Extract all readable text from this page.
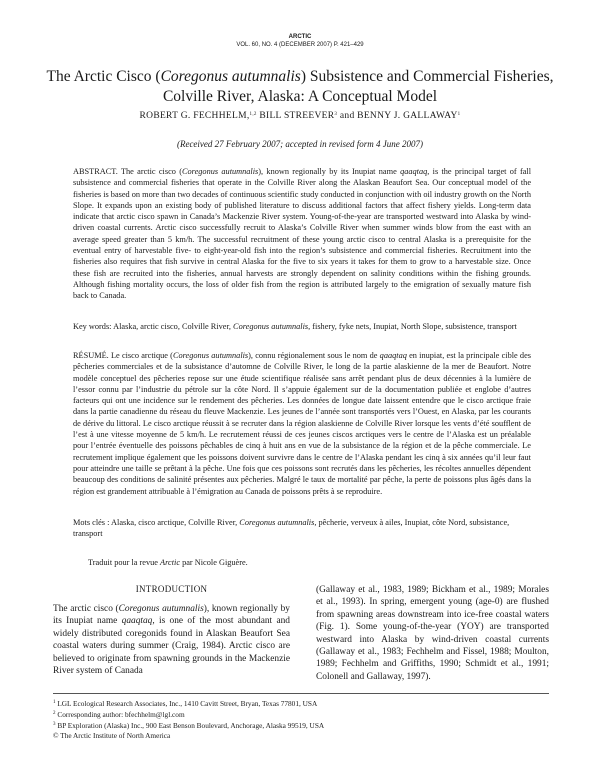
ARCTIC
VOL. 60, NO. 4 (DECEMBER 2007) P. 421–429
The Arctic Cisco (Coregonus autumnalis) Subsistence and Commercial Fisheries,
Colville River, Alaska: A Conceptual Model
ROBERT G. FECHHELM,$^{1,2}$ BILL STREEVER$^3$ and BENNY J. GALLAWAY$^1$
(Received 27 February 2007; accepted in revised form 4 June 2007)

ABSTRACT. The arctic cisco (Coregonus autumnalis), known regionally by its Inupiat name qaaqtaq, is the principal target of fall subsistence and commercial fisheries that operate in the Colville River along the Alaskan Beaufort Sea. Our conceptual model of the fisheries is based on more than two decades of continuous scientific study conducted in conjunction with oil industry growth on the North Slope. It expands upon an existing body of published literature to discuss additional factors that affect fishery yields. Long-term data indicate that arctic cisco spawn in Canada’s Mackenzie River system. Young-of-the-year are transported westward into Alaska by wind-driven coastal currents. Arctic cisco successfully recruit to Alaska’s Colville River when summer winds blow from the east with an average speed greater than 5 km/h. The successful recruitment of these young arctic cisco to central Alaska is a prerequisite for the eventual entry of harvestable five- to eight-year-old fish into the region’s subsistence and commercial fisheries. Recruitment into the fisheries also requires that fish survive in central Alaska for the five to six years it takes for them to grow to a harvestable size. Once these fish are recruited into the fisheries, annual harvests are strongly dependent on salinity conditions within the fishing grounds. Although fishing mortality occurs, the loss of older fish from the region is attributed largely to the emigration of sexually mature fish back to Canada.

Key words: Alaska, arctic cisco, Colville River, Coregonus autumnalis, fishery, fyke nets, Inupiat, North Slope, subsistence, transport

RÉSUMÉ. Le cisco arctique (Coregonus autumnalis), connu régionalement sous le nom de qaaqtaq en inupiat, est la principale cible des pêcheries commerciales et de la subsistance d’automne de Colville River, le long de la partie alaskienne de la mer de Beaufort. Notre modèle conceptuel des pêcheries repose sur une étude scientifique réalisée sans arrêt pendant plus de deux décennies à la lumière de l’essor connu par l’industrie du pétrole sur la côte Nord. Il s’appuie également sur de la documentation publiée et englobe d’autres facteurs qui ont une incidence sur le rendement des pêcheries. Les données de longue date laissent entendre que le cisco arctique fraie dans la partie canadienne du réseau du fleuve Mackenzie. Les jeunes de l’année sont transportés vers l’Ouest, en Alaska, par les courants de dérive du littoral. Le cisco arctique réussit à se recruter dans la région alaskienne de Colville River lorsque les vents d’été soufflent de l’est à une vitesse moyenne de 5 km/h. Le recrutement réussi de ces jeunes ciscos arctiques vers le centre de l’Alaska est un préalable pour l’entrée éventuelle des poissons pêchables de cinq à huit ans en vue de la subsistance de la région et de la pêche commerciale. Le recrutement implique également que les poissons doivent survivre dans le centre de l’Alaska pendant les cinq à six années qu’il leur faut pour atteindre une taille se prêtant à la pêche. Une fois que ces poissons sont recrutés dans les pêcheries, les récoltes annuelles dépendent beaucoup des conditions de salinité présentes aux pêcheries. Malgré le taux de mortalité par pêche, la perte de poissons plus âgés dans la région est grandement attribuable à l’émigration au Canada de poissons prêts à se reproduire.

Mots clés : Alaska, cisco arctique, Colville River, Coregonus autumnalis, pêcherie, verveux à ailes, Inupiat, côte Nord, subsistance, transport

Traduit pour la revue Arctic par Nicole Giguère.
INTRODUCTION

The arctic cisco (Coregonus autumnalis), known regionally by its Inupiat name qaaqtaq, is one of the most abundant and widely distributed coregonids found in Alaskan Beaufort Sea coastal waters during summer (Craig, 1984). Arctic cisco are believed to originate from spawning grounds in the Mackenzie River system of Canada

(Gallaway et al., 1983, 1989; Bickham et al., 1989; Morales et al., 1993). In spring, emergent young (age-0) are flushed from spawning areas downstream into ice-free coastal waters (Fig. 1). Some young-of-the-year (YOY) are transported westward into Alaska by wind-driven coastal currents (Gallaway et al., 1983; Fechhelm and Fissel, 1988; Moulton, 1989; Fechhelm and Griffiths, 1990; Schmidt et al., 1991; Colonell and Gallaway, 1997).

$^1$ LGL Ecological Research Associates, Inc., 1410 Cavitt Street, Bryan, Texas 77801, USA
$^2$ Corresponding author: bfechhelm@lgl.com
$^3$ BP Exploration (Alaska) Inc., 900 East Benson Boulevard, Anchorage, Alaska 99519, USA
© The Arctic Institute of North America
